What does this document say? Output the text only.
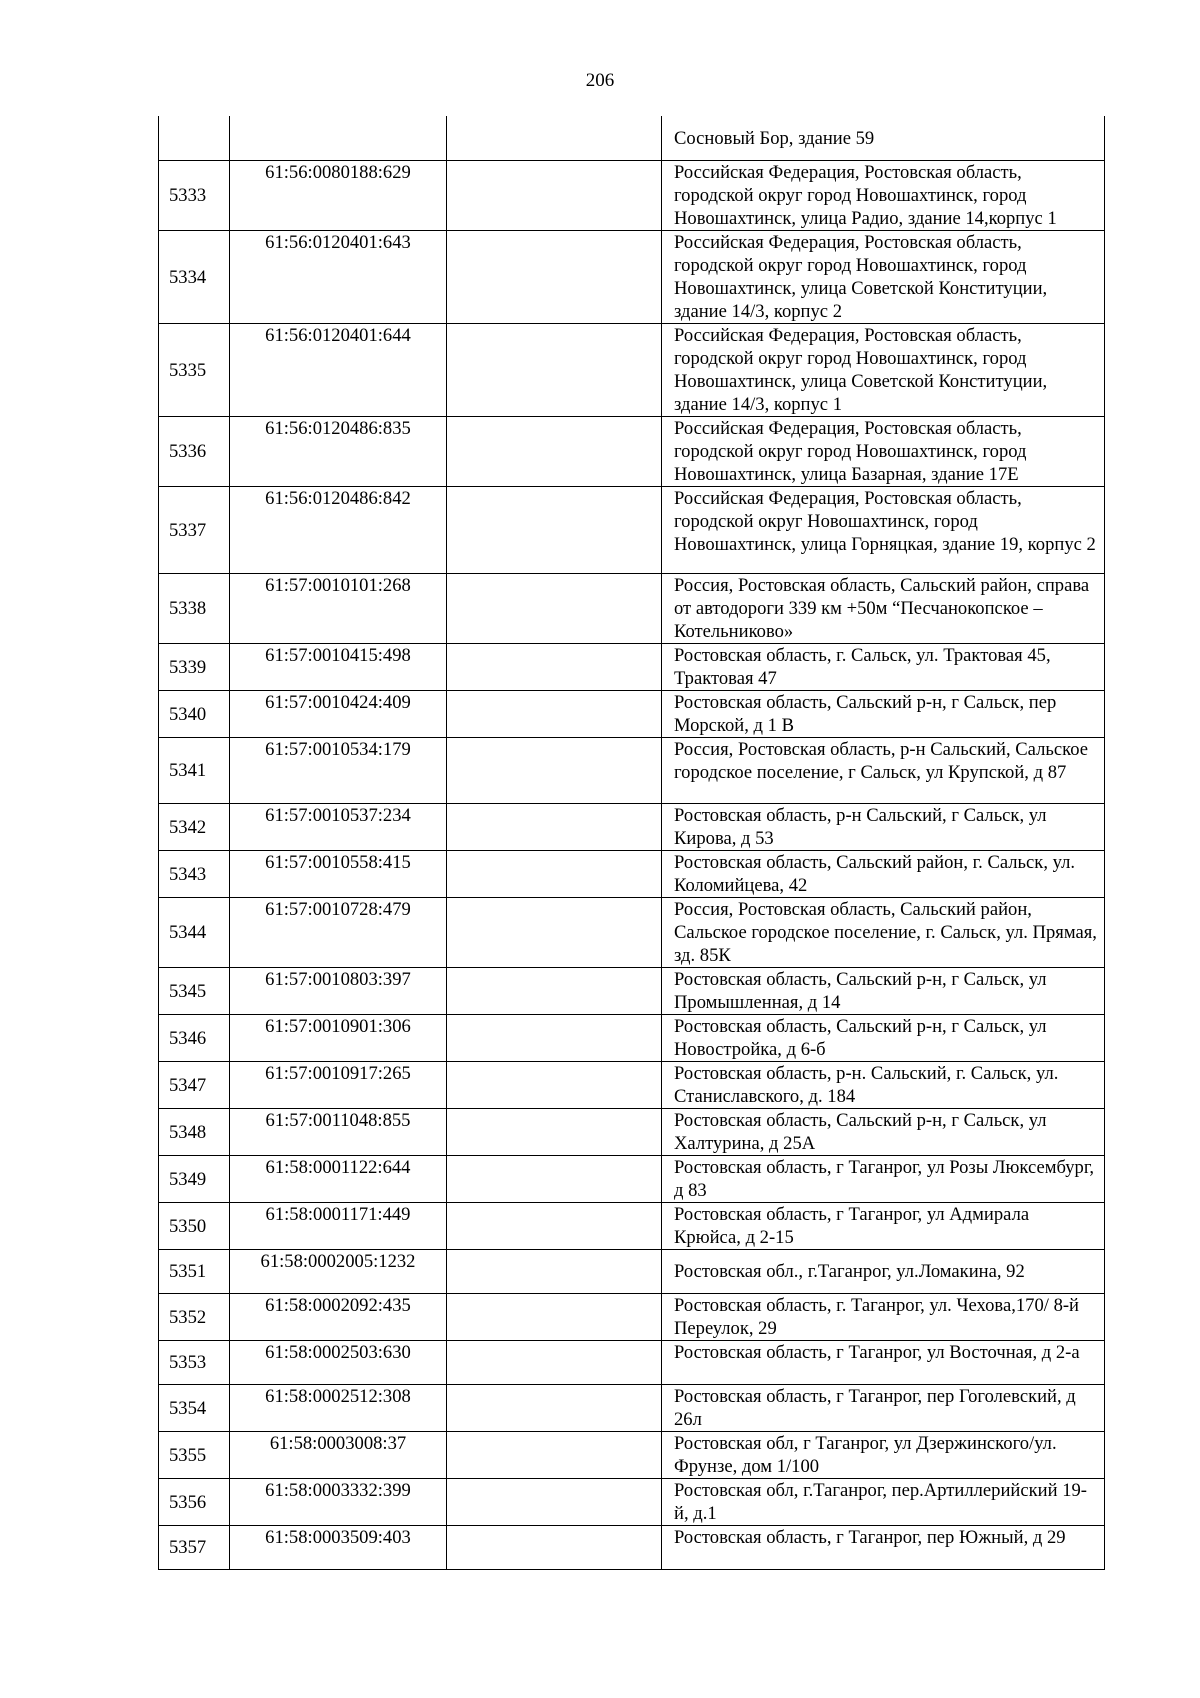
206
			Сосновый Бор, здание 59
5333	61:56:0080188:629		Российская Федерация, Ростовская область, городской округ город Новошахтинск, город Новошахтинск, улица Радио, здание 14,корпус 1
5334	61:56:0120401:643		Российская Федерация, Ростовская область, городской округ город Новошахтинск, город Новошахтинск, улица Советской Конституции, здание 14/3, корпус 2
5335	61:56:0120401:644		Российская Федерация, Ростовская область, городской округ город Новошахтинск, город Новошахтинск, улица Советской Конституции, здание 14/3, корпус 1
5336	61:56:0120486:835		Российская Федерация, Ростовская область, городской округ город Новошахтинск, город Новошахтинск, улица Базарная, здание 17Е
5337	61:56:0120486:842		Российская Федерация, Ростовская область, городской округ Новошахтинск, город Новошахтинск, улица Горняцкая, здание 19, корпус 2
5338	61:57:0010101:268		Россия, Ростовская область, Сальский район, справа от автодороги 339 км +50м “Песчанокопское – Котельниково»
5339	61:57:0010415:498		Ростовская область, г. Сальск, ул. Трактовая 45, Трактовая 47
5340	61:57:0010424:409		Ростовская область, Сальский р-н, г Сальск, пер Морской, д 1 В
5341	61:57:0010534:179		Россия, Ростовская область, р-н Сальский, Сальское городское поселение, г Сальск, ул Крупской, д 87
5342	61:57:0010537:234		Ростовская область, р-н Сальский, г Сальск, ул Кирова, д 53
5343	61:57:0010558:415		Ростовская область, Сальский район, г. Сальск, ул. Коломийцева, 42
5344	61:57:0010728:479		Россия, Ростовская область, Сальский район, Сальское городское поселение, г. Сальск, ул. Прямая, зд. 85К
5345	61:57:0010803:397		Ростовская область, Сальский р-н, г Сальск, ул Промышленная, д 14
5346	61:57:0010901:306		Ростовская область, Сальский р-н, г Сальск, ул Новостройка, д 6-б
5347	61:57:0010917:265		Ростовская область, р-н. Сальский, г. Сальск, ул. Станиславского, д. 184
5348	61:57:0011048:855		Ростовская область, Сальский р-н, г Сальск, ул Халтурина, д 25А
5349	61:58:0001122:644		Ростовская область, г Таганрог, ул Розы Люксембург, д 83
5350	61:58:0001171:449		Ростовская область, г Таганрог, ул Адмирала Крюйса, д 2-15
5351	61:58:0002005:1232		Ростовская обл., г.Таганрог, ул.Ломакина, 92
5352	61:58:0002092:435		Ростовская область, г. Таганрог, ул. Чехова,170/ 8-й Переулок, 29
5353	61:58:0002503:630		Ростовская область, г Таганрог, ул Восточная, д 2-а
5354	61:58:0002512:308		Ростовская область, г Таганрог, пер Гоголевский, д 26л
5355	61:58:0003008:37		Ростовская обл, г Таганрог, ул Дзержинского/ул. Фрунзе, дом 1/100
5356	61:58:0003332:399		Ростовская обл, г.Таганрог, пер.Артиллерийский 19-й, д.1
5357	61:58:0003509:403		Ростовская область, г Таганрог, пер Южный, д 29
